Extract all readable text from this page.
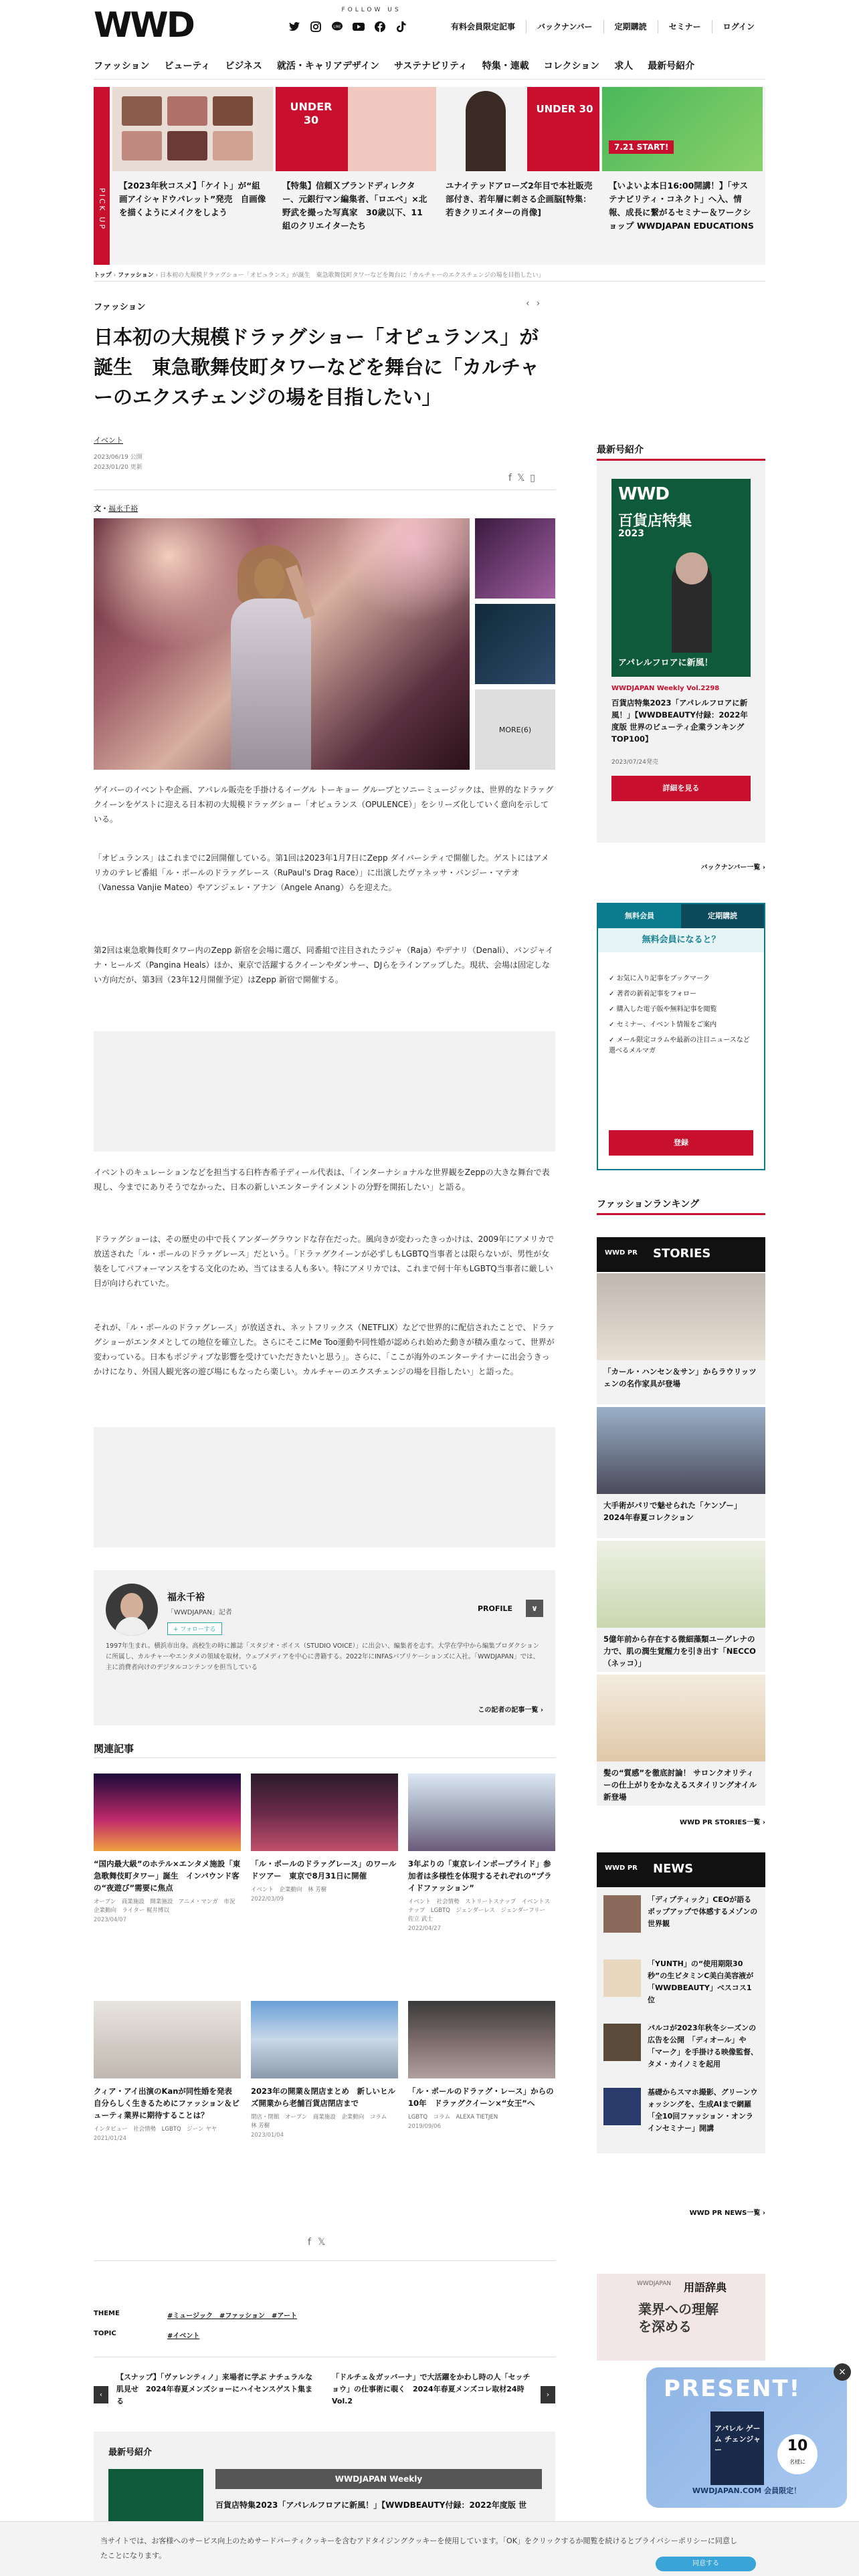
WWD	FOLLOW US
LINE	有料会員限定記事	バックナンバー	定期購読	セミナー	ログイン
ファッション ビューティ ビジネス 就活・キャリアデザイン サステナビリティ 特集・連載 コレクション 求人 最新号紹介
PICK UP
【2023年秋コスメ】「ケイト」が“組画アイシャドウパレット”発売　自画像を描くようにメイクをしよう
UNDER 30
【特集】信頼Ｘブランドディレクター、元銀行マン編集者、「ロエベ」×北野武を撮った写真家　30歳以下、11組のクリエイターたち
UNDER 30
ユナイテッドアローズ2年目で本社販売部付き、若年層に刺さる企画脳[特集：若きクリエイターの肖像]
7.21 START!
【いよいよ本日16:00開講！】「サステナビリティ・コネクト」へ入、情報、成長に繋がるセミナー＆ワークショップ WWDJAPAN EDUCATIONS
トップ › ファッション › 日本初の大規模ドラァグショー「オピュランス」が誕生　東急歌舞伎町タワーなどを舞台に「カルチャーのエクスチェンジの場を目指したい」
ファッション	‹›
日本初の大規模ドラァグショー「オピュランス」が誕生　東急歌舞伎町タワーなどを舞台に「カルチャーのエクスチェンジの場を目指したい」
イベント
2023/06/19 公開
2023/01/20 更新
f𝕏▯
文・福永千裕
MORE(6)

ゲイバーのイベントや企画、アパレル販売を手掛けるイーグル トーキョー グループとソニーミュージックは、世界的なドラァグクイーンをゲストに迎える日本初の大規模ドラァグショー「オピュランス（OPULENCE）」をシリーズ化していく意向を示している。

「オピュランス」はこれまでに2回開催している。第1回は2023年1月7日にZepp ダイバーシティで開催した。ゲストにはアメリカのテレビ番組「ル・ポールのドラァグレース（RuPaul's Drag Race）」に出演したヴァネッサ・バンジー・マテオ（Vanessa Vanjie Mateo）やアンジェレ・アナン（Angele Anang）らを迎えた。

第2回は東急歌舞伎町タワー内のZepp 新宿を会場に選び、同番組で注目されたラジャ（Raja）やデナリ（Denali）、パンジャイナ・ヒールズ（Pangina Heals）ほか、東京で活躍するクイーンやダンサー、DJらをラインアップした。現状、会場は固定しない方向だが、第3回（23年12月開催予定）はZepp 新宿で開催する。

イベントのキュレーションなどを担当する臼杵杏希子ディール代表は、「インターナショナルな世界観をZeppの大きな舞台で表現し、今までにありそうでなかった、日本の新しいエンターテインメントの分野を開拓したい」と語る。

ドラァグショーは、その歴史の中で長くアンダーグラウンドな存在だった。風向きが変わったきっかけは、2009年にアメリカで放送された「ル・ポールのドラァグレース」だという。「ドラァグクイーンが必ずしもLGBTQ当事者とは限らないが、男性が女装をしてパフォーマンスをする文化のため、当てはまる人も多い。特にアメリカでは、これまで何十年もLGBTQ当事者に厳しい目が向けられていた。

それが、「ル・ポールのドラァグレース」が放送され、ネットフリックス（NETFLIX）などで世界的に配信されたことで、ドラァグショーがエンタメとしての地位を確立した。さらにそこにMe Too運動や同性婚が認められ始めた動きが積み重なって、世界が変わっている。日本もポジティブな影響を受けていただきたいと思う」。さらに、「ここが海外のエンターテイナーに出会うきっかけになり、外国人観光客の遊び場にもなったら楽しい。カルチャーのエクスチェンジの場を目指したい」と語った。

福永千裕
「WWDJAPAN」記者
+ フォローする
PROFILE	∨
1997年生まれ。横浜市出身。高校生の時に雑誌「スタジオ・ボイス（STUDIO VOICE）」に出会い、編集者を志す。大学在学中から編集プロダクションに所属し、カルチャーやエンタメの領域を取材。ウェブメディアを中心に書籍する。2022年にINFASパブリケーションズに入社。「WWDJAPAN」では、主に消費者向けのデジタルコンテンツを担当している
この記者の記事一覧 ›
関連記事
“国内最大級”のホテル×エンタメ施設「東急歌舞伎町タワー」誕生　インバウンド客の“夜遊び”需要に焦点
オープン　商業施設　開業施設　アニメ・マンガ　市況　企業動向　ライター 梶井博以
2023/04/07
「ル・ポールのドラァグレース」のワールドツアー　東京で8月31日に開催
イベント　企業動向　林 芳樹
2022/03/09
3年ぶりの「東京レインボープライド」参加者は多様性を体現するそれぞれの“プライドファッション”
イベント　社会情勢　ストリートスナップ　イベントスナップ　LGBTQ　ジェンダーレス　ジェンダーフリー　佐立 武士
2022/04/27
クィア・アイ出演のKanが同性婚を発表　自分らしく生きるためにファッション＆ビューティ業界に期待することは？
インタビュー　社会情勢　LGBTQ　ジーン ヤヤ
2021/01/24
2023年の開業＆閉店まとめ　新しいヒルズ開業から老舗百貨店閉店まで
閉店・閉館　オープン　商業施設　企業動向　コラム　林 芳樹
2023/01/04
「ル・ポールのドラァグ・レース」からの10年　ドラァグクイーン×“女王”へ
LGBTQ　コラム　ALEXA TIETJEN
2019/09/06
f𝕏
THEME	#ミュージック　 #ファッション　 #アート
TOPIC	#イベント
‹
【スナップ】「ヴァレンティノ」来場者に学ぶ ナチュラルな肌見せ　2024年春夏メンズショーにハイセンスゲスト集まる
「ドルチェ＆ガッバーナ」で大活躍をかわし時の人「セッチョウ」の仕事術に覗く　2024年春夏メンズコレ取材24時Vol.2
›
最新号紹介
WWDJAPAN Weekly
百貨店特集2023「アパレルフロアに新風！」【WWDBEAUTY付録：2022年度版 世
最新号紹介
WWD
百貨店特集
2023
アパレルフロアに新風！
WWDJAPAN Weekly Vol.2298
百貨店特集2023「アパレルフロアに新風！」【WWDBEAUTY付録：2022年度版 世界のビューティ企業ランキングTOP100】
2023/07/24発売
詳細を見る
バックナンバー一覧 ›
無料会員	定期購読
無料会員になると？
✓ お気に入り記事をブックマーク
✓ 著者の新着記事をフォロー
✓ 購入した電子版や無料記事を閲覧
✓ セミナー、イベント情報をご案内
✓ メール限定コラムや最新の注目ニュースなど選べるメルマガ
登録
ファッションランキング
WWD PR STORIES
「カール・ハンセン＆サン」からラウリッツェンの名作家具が登場
大手術がパリで魅せられた「ケンゾー」2024年春夏コレクション
5億年前から存在する微細藻類ユーグレナの力で、肌の潤生覚醒力を引き出す「NECCO（ネッコ）」
髪の“質感”を徹底討論！ サロンクオリティーの仕上がりをかなえるスタイリングオイル新登場
WWD PR STORIES一覧 ›
WWD PR NEWS
「ディプティック」CEOが語るポップアップで体感するメゾンの世界観
「YUNTH」の“使用期限30秒”の生ビタミンC美白美容液が「WWDBEAUTY」ベスコス1位
パルコが2023年秋冬シーズンの広告を公開　「ディオール」や「マーク」を手掛ける映像監督、タメ・カイノミを起用
基礎からスマホ撮影、グリーンウォッシングを、生成AIまで網羅「全10回ファッション・オンラインセミナー」開講
WWD PR NEWS一覧 ›
WWDJAPAN 用語辞典
業界への理解を深める
×
PRESENT!
アパレル ゲーム チェンジャー	10
名様に
WWDJAPAN.COM 会員限定！

当サイトでは、お客様へのサービス向上のためサードパーティクッキーを含むアドタイジングクッキーを使用しています。「OK」をクリックするか閲覧を続けるとプライバシーポリシーに同意したことになります。

同意する
